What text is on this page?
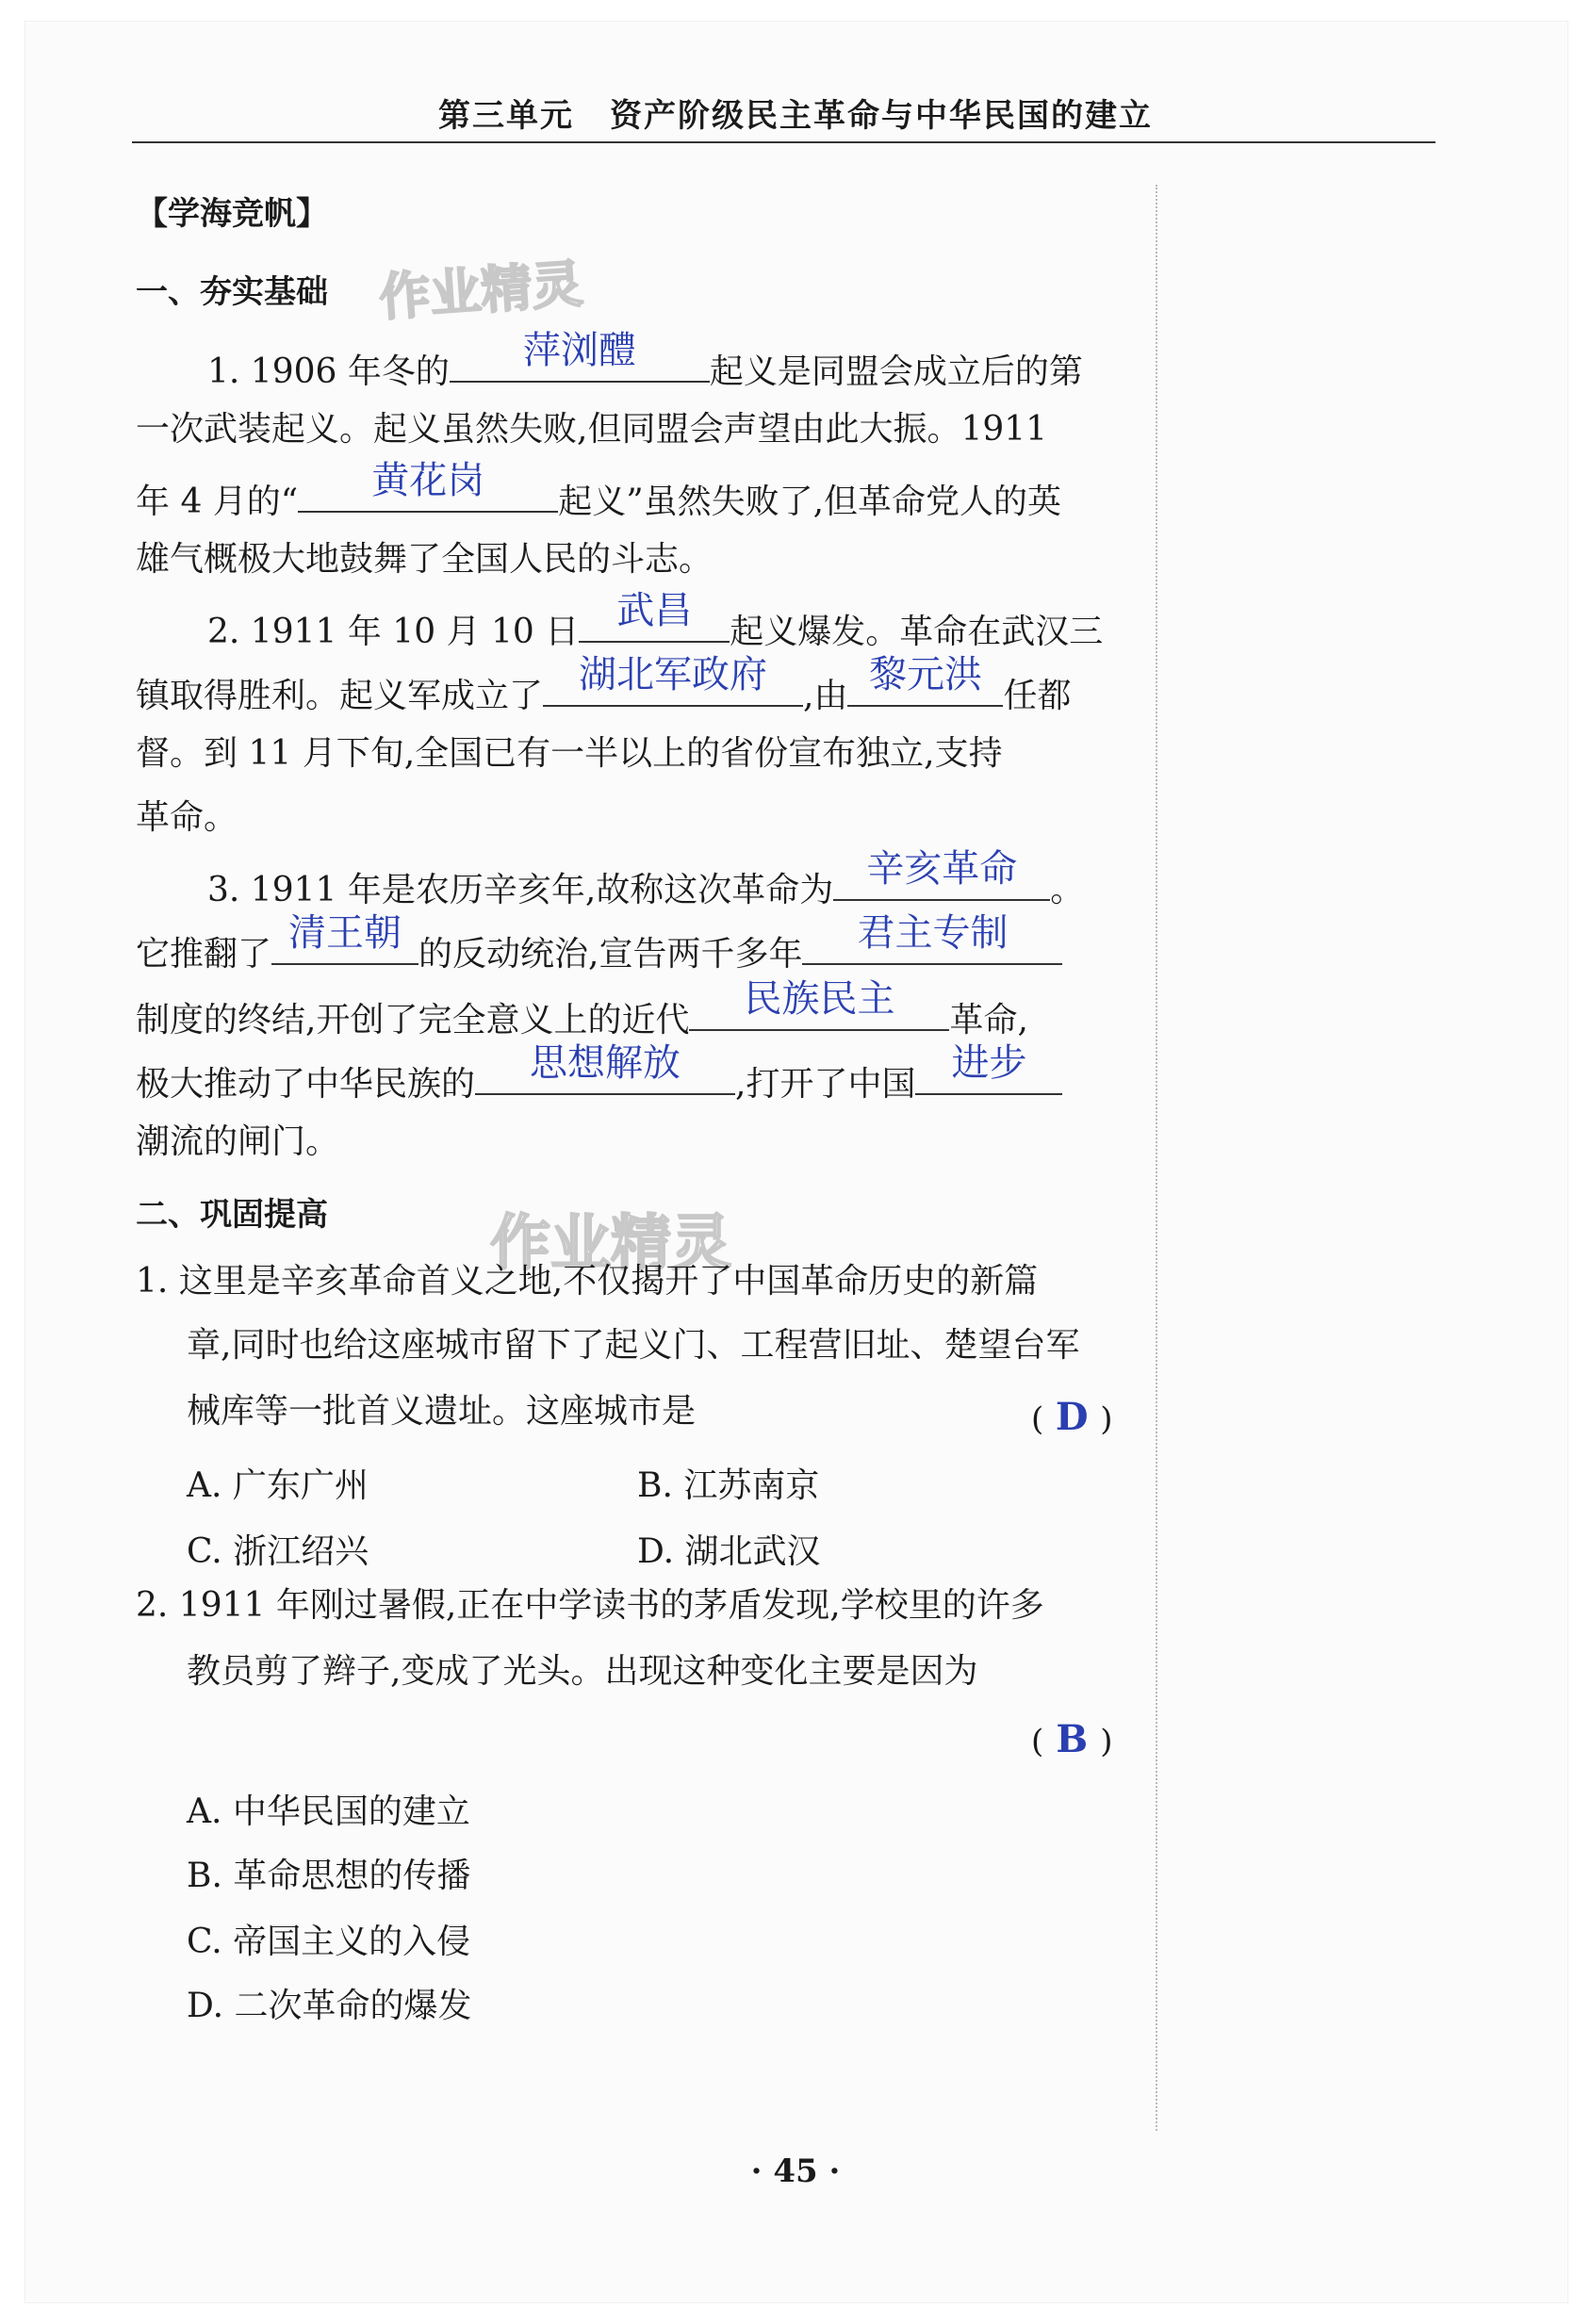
第三单元 资产阶级民主革命与中华民国的建立
【学海竞帆】
一、夯实基础 作业精灵
1. 1906 年冬的	萍浏醴	起义是同盟会成立后的第
一次武装起义。起义虽然失败,但同盟会声望由此大振。1911
年 4 月的“	黄花岗	起义”虽然失败了,但革命党人的英
雄气概极大地鼓舞了全国人民的斗志。
2. 1911 年 10 月 10 日	武昌	起义爆发。革命在武汉三
镇取得胜利。起义军成立了 湖北军政府	,由 黎元洪 任都
督。到 11 月下旬,全国已有一半以上的省份宣布独立,支持
革命。
3. 1911 年是农历辛亥年,故称这次革命为 辛亥革命 。
它推翻了 清王朝 的反动统治,宣告两千多年	君主专制
制度的终结,开创了完全意义上的近代	民族民主	革命,
极大推动了中华民族的	思想解放	,打开了中国 进步
潮流的闸门。
二、巩固提高	作业精灵
1. 这里是辛亥革命首义之地,不仅揭开了中国革命历史的新篇
章,同时也给这座城市留下了起义门、工程营旧址、楚望台军
械库等一批首义遗址。这座城市是	( D )
A. 广东广州	B. 江苏南京
C. 浙江绍兴	D. 湖北武汉
2. 1911 年刚过暑假,正在中学读书的茅盾发现,学校里的许多
教员剪了辫子,变成了光头。出现这种变化主要是因为
( B )
A. 中华民国的建立
B. 革命思想的传播
C. 帝国主义的入侵
D. 二次革命的爆发
· 45 ·
